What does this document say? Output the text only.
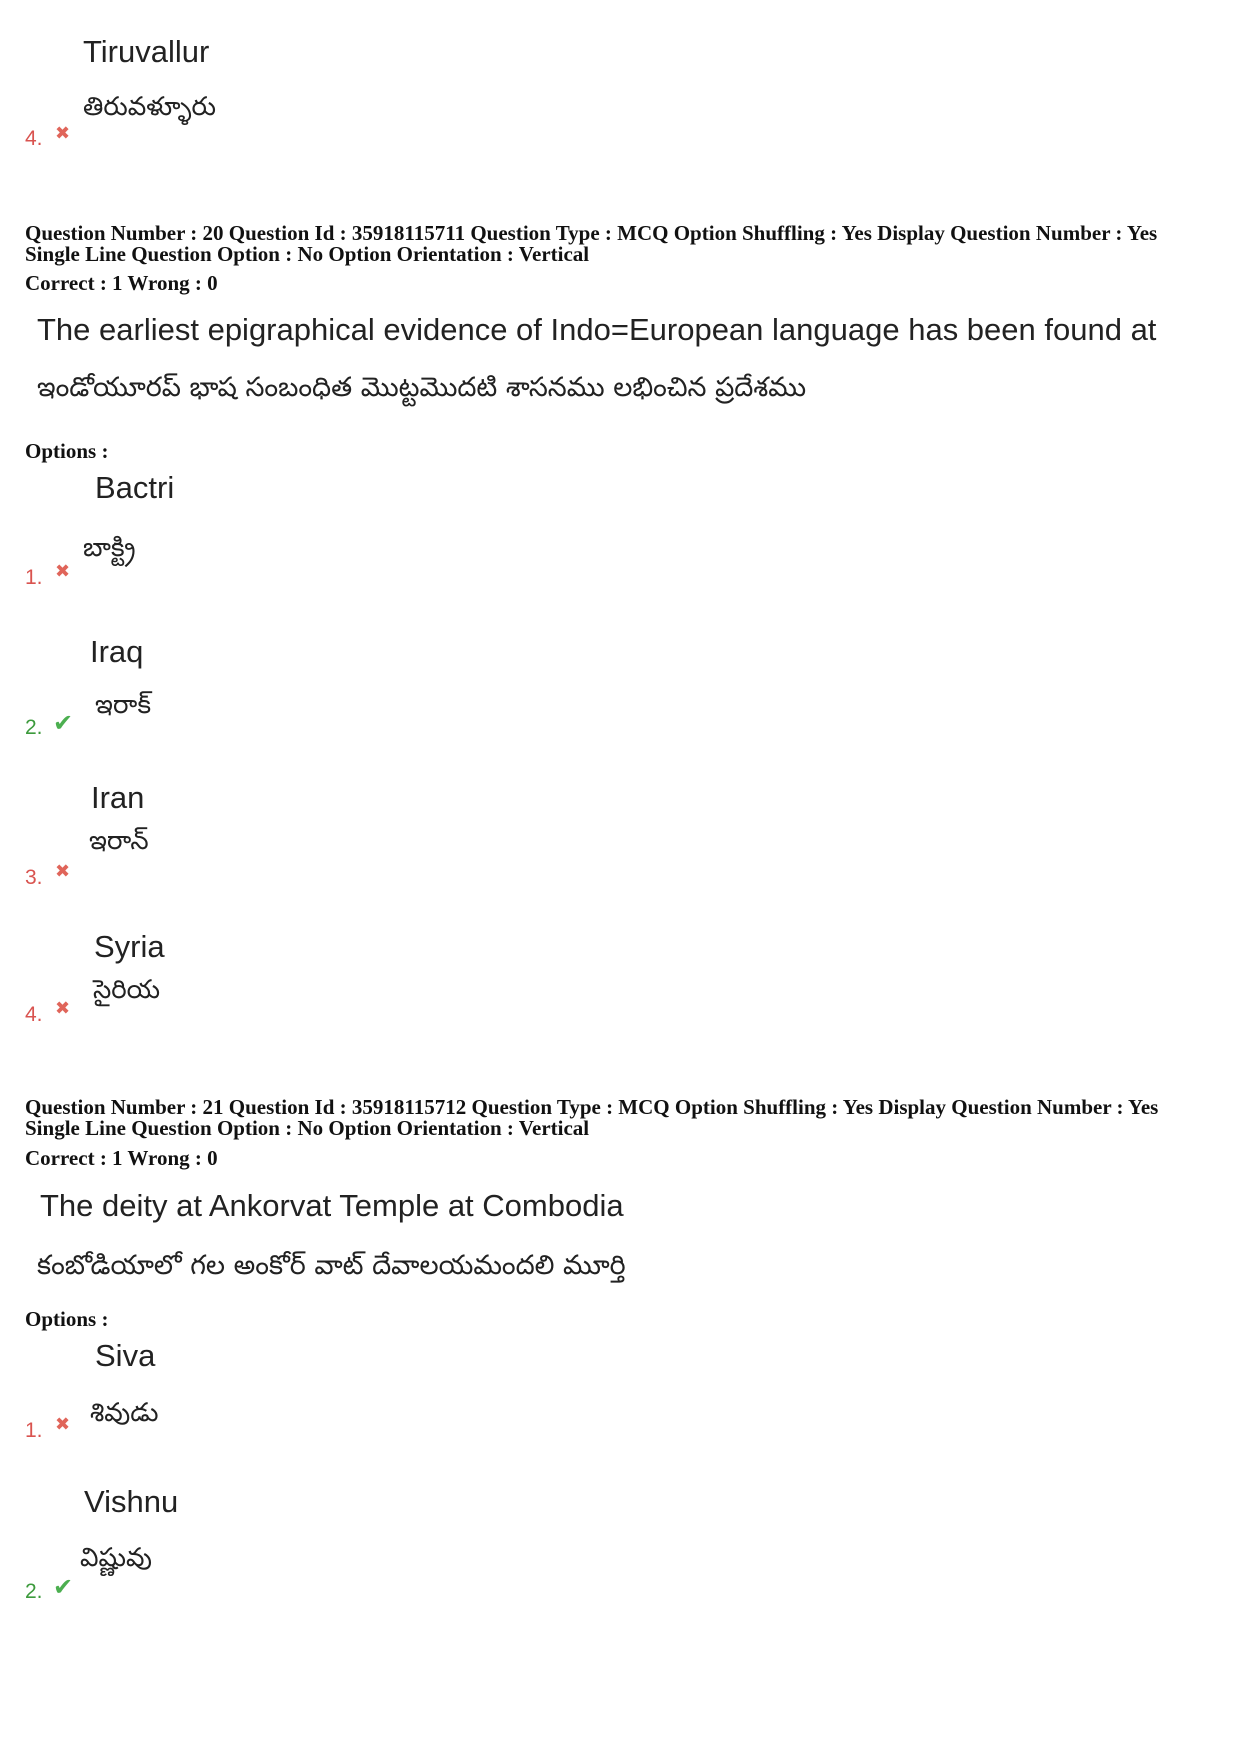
Tiruvallur
తిరువళ్ళూరు
4. ✖
Question Number : 20 Question Id : 35918115711 Question Type : MCQ Option Shuffling : Yes Display Question Number : Yes
Single Line Question Option : No Option Orientation : Vertical
Correct : 1 Wrong : 0
The earliest epigraphical evidence of Indo=European language has been found at
ఇండోయూరప్ భాష సంబంధిత మొట్టమొదటి శాసనము లభించిన ప్రదేశము
Options :
Bactri
బాక్ట్రి
1. ✖
Iraq
ఇరాక్
2. ✔
Iran
ఇరాన్
3. ✖
Syria
సైరియ
4. ✖
Question Number : 21 Question Id : 35918115712 Question Type : MCQ Option Shuffling : Yes Display Question Number : Yes
Single Line Question Option : No Option Orientation : Vertical
Correct : 1 Wrong : 0
The deity at Ankorvat Temple at Combodia
కంబోడియాలో గల అంకోర్ వాట్ దేవాలయమందలి మూర్తి
Options :
Siva
శివుడు
1. ✖
Vishnu
విష్ణువు
2. ✔
